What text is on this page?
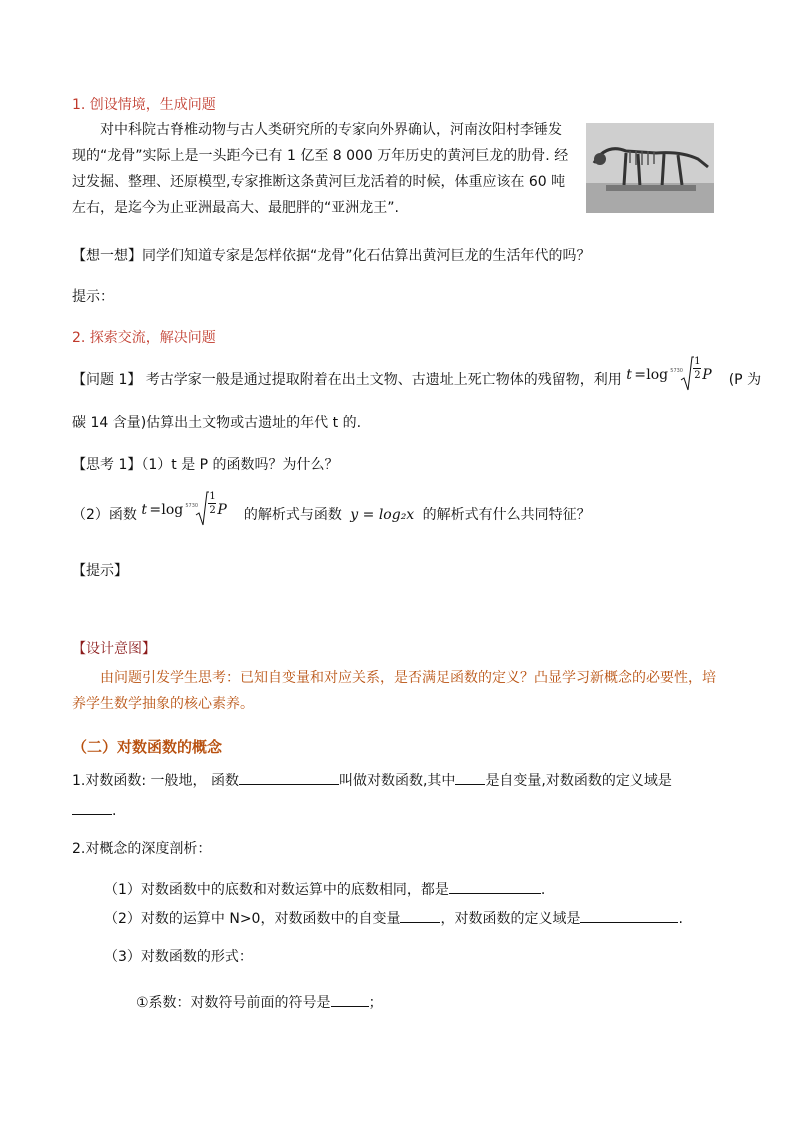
1. 创设情境，生成问题
对中科院古脊椎动物与古人类研究所的专家向外界确认，河南汝阳村李锤发现的“龙骨”实际上是一头距今已有 1 亿至 8 000 万年历史的黄河巨龙的肋骨. 经过发掘、整理、还原模型,专家推断这条黄河巨龙活着的时候，体重应该在 60 吨左右，是迄今为止亚洲最高大、最肥胖的“亚洲龙王”.
【想一想】同学们知道专家是怎样依据“龙骨”化石估算出黄河巨龙的生活年代的吗？
提示：
2. 探索交流，解决问题
【问题 1】 考古学家一般是通过提取附着在出土文物、古遗址上死亡物体的残留物，利用 t = log 5730
1
2 P (P 为
碳 14 含量)估算出土文物或古遗址的年代 t 的.
【思考 1】（1）t 是 P 的函数吗？为什么？
（2）函数 t = log 5730
1
2 P 的解析式与函数 y = log₂x 的解析式有什么共同特征？
【提示】
【设计意图】
由问题引发学生思考：已知自变量和对应关系，是否满足函数的定义？凸显学习新概念的必要性，培养学生数学抽象的核心素养。
（二）对数函数的概念
1.对数函数: 一般地， 函数	叫做对数函数,其中 是自变量,对数函数的定义域是
.
2.对概念的深度剖析：
（1）对数函数中的底数和对数运算中的底数相同，都是	.
（2）对数的运算中 N>0，对数函数中的自变量	，对数函数的定义域是	.
（3）对数函数的形式：
①系数：对数符号前面的符号是	；
